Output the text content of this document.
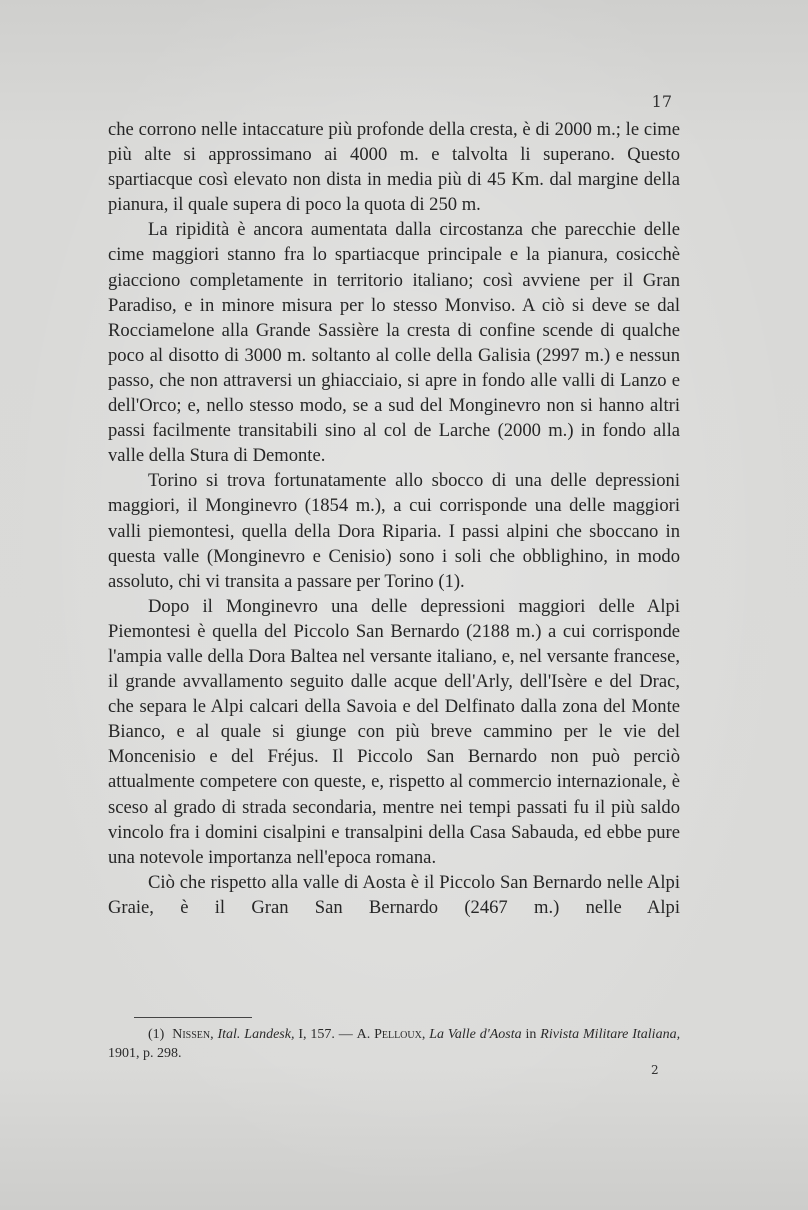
17

che corrono nelle intaccature più profonde della cresta, è di 2000 m.; le cime più alte si approssimano ai 4000 m. e talvolta li superano. Questo spartiacque così elevato non dista in media più di 45 Km. dal margine della pianura, il quale supera di poco la quota di 250 m.

La ripidità è ancora aumentata dalla circostanza che parecchie delle cime maggiori stanno fra lo spartiacque principale e la pianura, cosicchè giacciono completamente in territorio italiano; così avviene per il Gran Paradiso, e in minore misura per lo stesso Monviso. A ciò si deve se dal Rocciamelone alla Grande Sassière la cresta di confine scende di qualche poco al disotto di 3000 m. soltanto al colle della Galisia (2997 m.) e nessun passo, che non attraversi un ghiacciaio, si apre in fondo alle valli di Lanzo e dell'Orco; e, nello stesso modo, se a sud del Monginevro non si hanno altri passi facilmente transitabili sino al col de Larche (2000 m.) in fondo alla valle della Stura di Demonte.

Torino si trova fortunatamente allo sbocco di una delle depressioni maggiori, il Monginevro (1854 m.), a cui corrisponde una delle maggiori valli piemontesi, quella della Dora Riparia. I passi alpini che sboccano in questa valle (Monginevro e Cenisio) sono i soli che obblighino, in modo assoluto, chi vi transita a passare per Torino (1).

Dopo il Monginevro una delle depressioni maggiori delle Alpi Piemontesi è quella del Piccolo San Bernardo (2188 m.) a cui corrisponde l'ampia valle della Dora Baltea nel versante italiano, e, nel versante francese, il grande avvallamento seguito dalle acque dell'Arly, dell'Isère e del Drac, che separa le Alpi calcari della Savoia e del Delfinato dalla zona del Monte Bianco, e al quale si giunge con più breve cammino per le vie del Moncenisio e del Fréjus. Il Piccolo San Bernardo non può perciò attualmente competere con queste, e, rispetto al commercio internazionale, è sceso al grado di strada secondaria, mentre nei tempi passati fu il più saldo vincolo fra i domini cisalpini e transalpini della Casa Sabauda, ed ebbe pure una notevole importanza nell'epoca romana.

Ciò che rispetto alla valle di Aosta è il Piccolo San Bernardo nelle Alpi Graie, è il Gran San Bernardo (2467 m.) nelle Alpi

(1) Nissen, Ital. Landesk, I, 157. — A. Pelloux, La Valle d'Aosta in Rivista Militare Italiana, 1901, p. 298.
2
